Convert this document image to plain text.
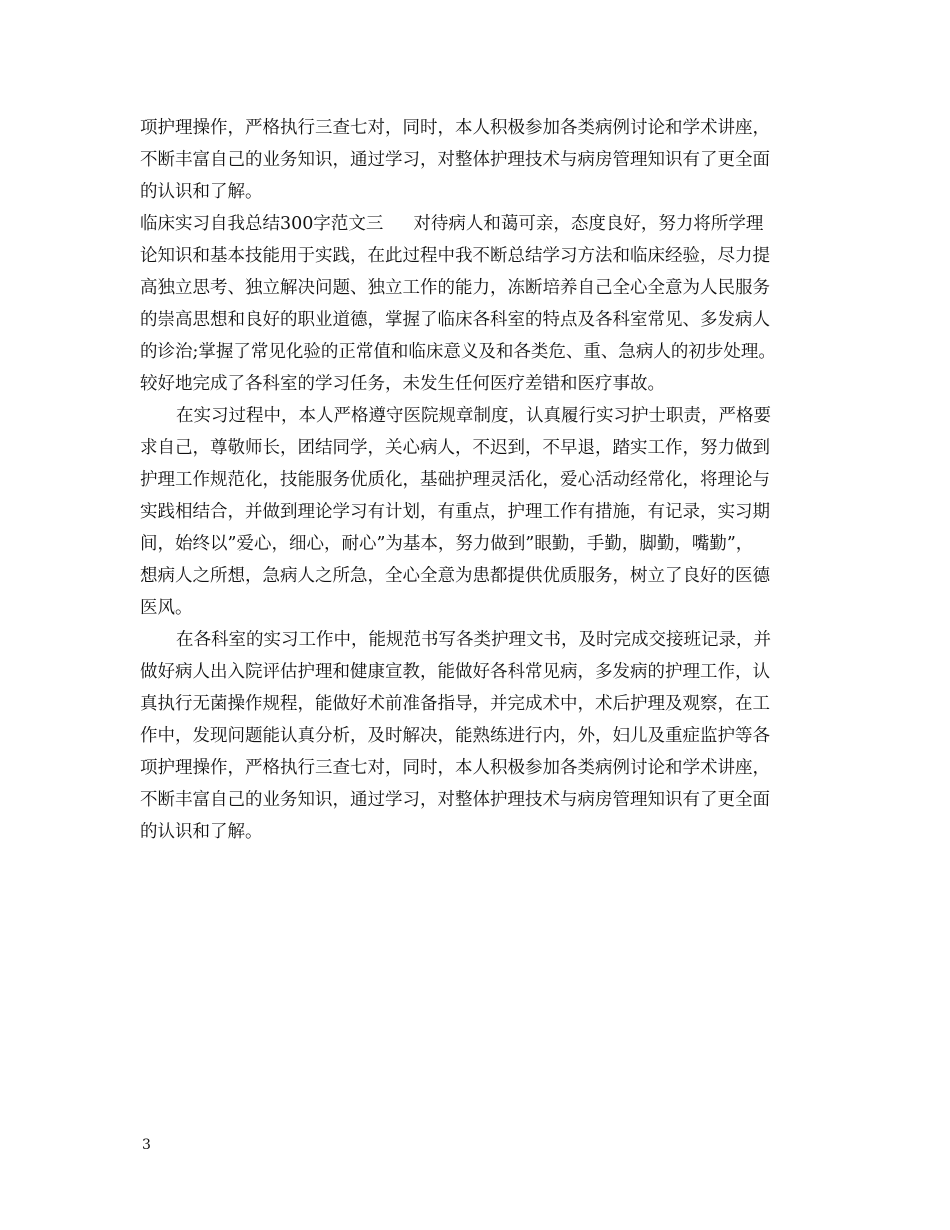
项护理操作，严格执行三查七对，同时，本人积极参加各类病例讨论和学术讲座，
不断丰富自己的业务知识，通过学习，对整体护理技术与病房管理知识有了更全面
的认识和了解。
临床实习自我总结300字范文三 对待病人和蔼可亲，态度良好，努力将所学理
论知识和基本技能用于实践，在此过程中我不断总结学习方法和临床经验，尽力提
高独立思考、独立解决问题、独立工作的能力，冻断培养自己全心全意为人民服务
的崇高思想和良好的职业道德，掌握了临床各科室的特点及各科室常见、多发病人
的诊治;掌握了常见化验的正常值和临床意义及和各类危、重、急病人的初步处理。
较好地完成了各科室的学习任务，未发生任何医疗差错和医疗事故。
在实习过程中，本人严格遵守医院规章制度，认真履行实习护士职责，严格要
求自己，尊敬师长，团结同学，关心病人，不迟到，不早退，踏实工作，努力做到
护理工作规范化，技能服务优质化，基础护理灵活化，爱心活动经常化，将理论与
实践相结合，并做到理论学习有计划，有重点，护理工作有措施，有记录，实习期
间，始终以”爱心，细心，耐心”为基本，努力做到”眼勤，手勤，脚勤，嘴勤”，
想病人之所想，急病人之所急，全心全意为患都提供优质服务，树立了良好的医德
医风。
在各科室的实习工作中，能规范书写各类护理文书，及时完成交接班记录，并
做好病人出入院评估护理和健康宣教，能做好各科常见病，多发病的护理工作，认
真执行无菌操作规程，能做好术前准备指导，并完成术中，术后护理及观察，在工
作中，发现问题能认真分析，及时解决，能熟练进行内，外，妇儿及重症监护等各
项护理操作，严格执行三查七对，同时，本人积极参加各类病例讨论和学术讲座，
不断丰富自己的业务知识，通过学习，对整体护理技术与病房管理知识有了更全面
的认识和了解。
3
